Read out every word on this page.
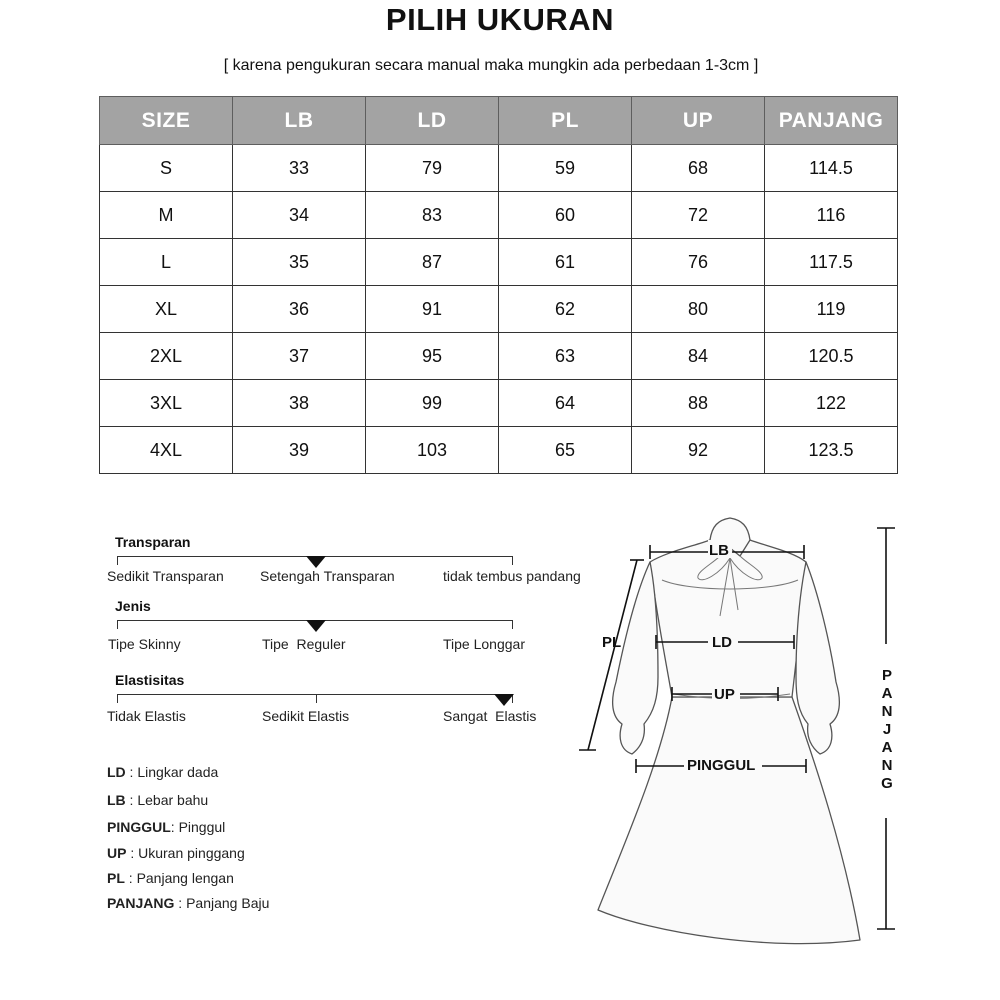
PILIH UKURAN
[ karena pengukuran secara manual maka mungkin ada perbedaan 1-3cm ]
SIZE	LB	LD	PL	UP	PANJANG
S	33	79	59	68	114.5
M	34	83	60	72	116
L	35	87	61	76	117.5
XL	36	91	62	80	119
2XL	37	95	63	84	120.5
3XL	38	99	64	88	122
4XL	39	103	65	92	123.5
Transparan
Sedikit Transparan	Setengah Transparan	tidak tembus pandang
Jenis
Tipe Skinny	Tipe  Reguler	Tipe Longgar
Elastisitas
Tidak Elastis	Sedikit Elastis	Sangat  Elastis
LD : Lingkar dada
LB : Lebar bahu
PINGGUL: Pinggul
UP : Ukuran pinggang
PL : Panjang lengan
PANJANG : Panjang Baju
LB
LD
UP
PL
PINGGUL
P
A
N
J
A
N
G
